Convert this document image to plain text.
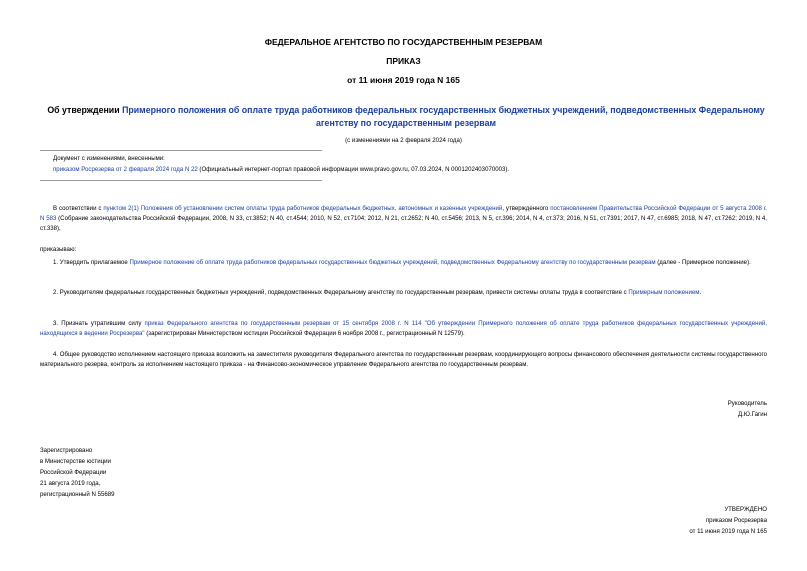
ФЕДЕРАЛЬНОЕ АГЕНТСТВО ПО ГОСУДАРСТВЕННЫМ РЕЗЕРВАМ
ПРИКАЗ
от 11 июня 2019 года N 165
Об утверждении Примерного положения об оплате труда работников федеральных государственных бюджетных учреждений, подведомственных Федеральному агентству по государственным резервам
(с изменениями на 2 февраля 2024 года)
Документ с изменениями, внесенными:
приказом Росрезерва от 2 февраля 2024 года N 22 (Официальный интернет-портал правовой информации www.pravo.gov.ru, 07.03.2024, N 0001202403070003).
В соответствии с пунктом 2(1) Положения об установлении систем оплаты труда работников федеральных бюджетных, автономных и казенных учреждений, утвержденного постановлением Правительства Российской Федерации от 5 августа 2008 г. N 583 (Собрание законодательства Российской Федерации, 2008, N 33, ст.3852; N 40, ст.4544; 2010, N 52, ст.7104; 2012, N 21, ст.2652; N 40, ст.5456; 2013, N 5, ст.396; 2014, N 4, ст.373; 2016, N 51, ст.7391; 2017, N 47, ст.6985; 2018, N 47, ст.7262; 2019, N 4, ст.338),
приказываю:
1. Утвердить прилагаемое Примерное положение об оплате труда работников федеральных государственных бюджетных учреждений, подведомственных Федеральному агентству по государственным резервам (далее - Примерное положение).
2. Руководителям федеральных государственных бюджетных учреждений, подведомственных Федеральному агентству по государственным резервам, привести системы оплаты труда в соответствие с Примерным положением.
3. Признать утратившим силу приказ Федерального агентства по государственным резервам от 15 сентября 2008 г. N 114 "Об утверждении Примерного положения об оплате труда работников федеральных государственных учреждений, находящихся в ведении Росрезерва" (зарегистрирован Министерством юстиции Российской Федерации 6 ноября 2008 г., регистрационный N 12579).
4. Общее руководство исполнением настоящего приказа возложить на заместителя руководителя Федерального агентства по государственным резервам, координирующего вопросы финансового обеспечения деятельности системы государственного материального резерва, контроль за исполнением настоящего приказа - на Финансово-экономическое управление Федерального агентства по государственным резервам.
Руководитель
Д.Ю.Гагин
Зарегистрировано
в Министерстве юстиции
Российской Федерации
21 августа 2019 года,
регистрационный N 55689
УТВЕРЖДЕНО
приказом Росрезерва
от 11 июня 2019 года N 165
